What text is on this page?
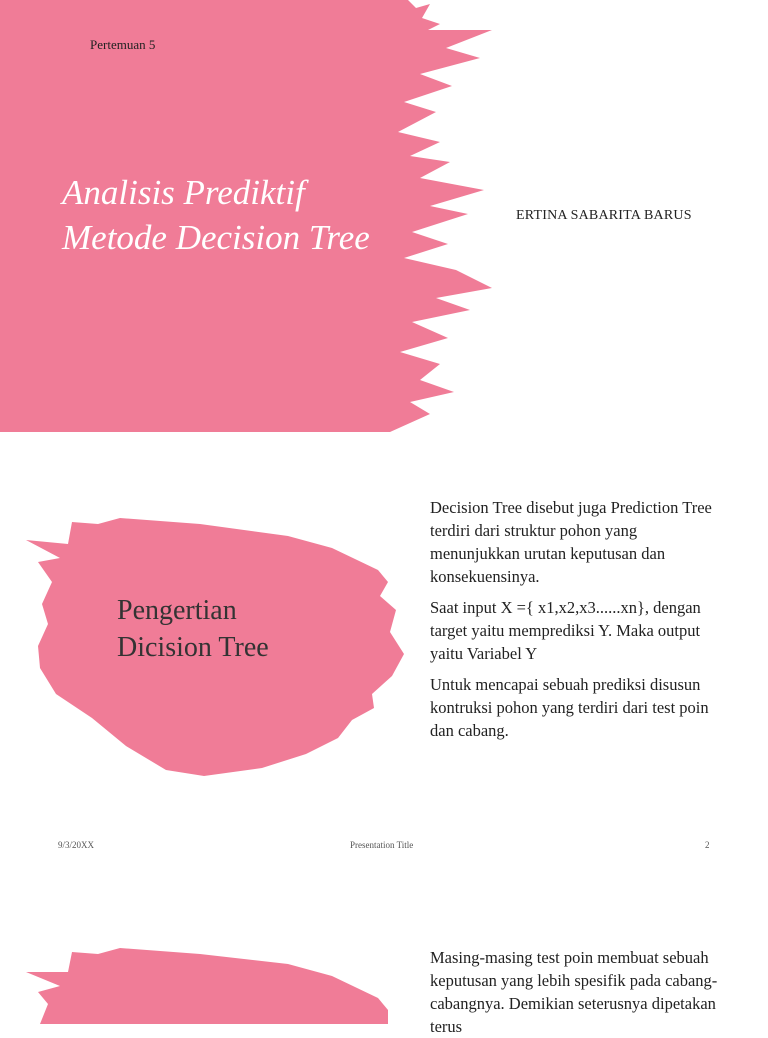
Pertemuan 5
Analisis Prediktif
Metode Decision Tree
ERTINA SABARITA BARUS
Pengertian
Dicision Tree

Decision Tree disebut juga Prediction Tree terdiri dari struktur pohon yang menunjukkan urutan keputusan dan konsekuensinya.

Saat input X ={ x1,x2,x3......xn}, dengan target yaitu memprediksi Y. Maka output yaitu Variabel Y

Untuk mencapai sebuah prediksi disusun kontruksi pohon yang terdiri dari test poin dan cabang.

9/3/20XX	Presentation Title	2

Masing-masing test poin membuat sebuah keputusan yang lebih spesifik pada cabang-cabangnya. Demikian seterusnya dipetakan terus
